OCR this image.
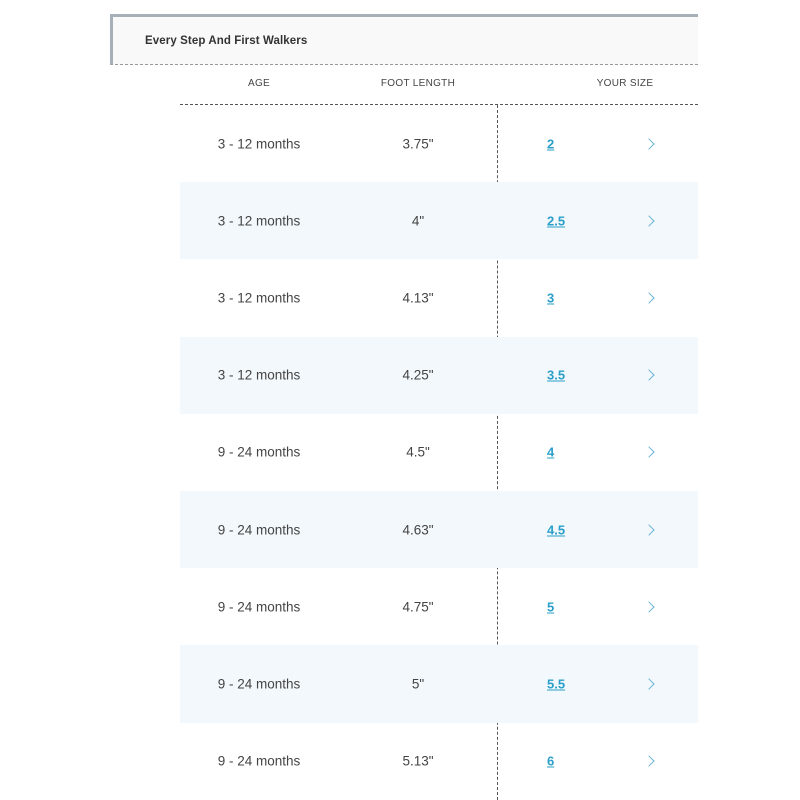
Every Step And First Walkers
AGE	FOOT LENGTH	YOUR SIZE
3 - 12 months	3.75"	2
3 - 12 months	4"	2.5
3 - 12 months	4.13"	3
3 - 12 months	4.25"	3.5
9 - 24 months	4.5"	4
9 - 24 months	4.63"	4.5
9 - 24 months	4.75"	5
9 - 24 months	5"	5.5
9 - 24 months	5.13"	6
